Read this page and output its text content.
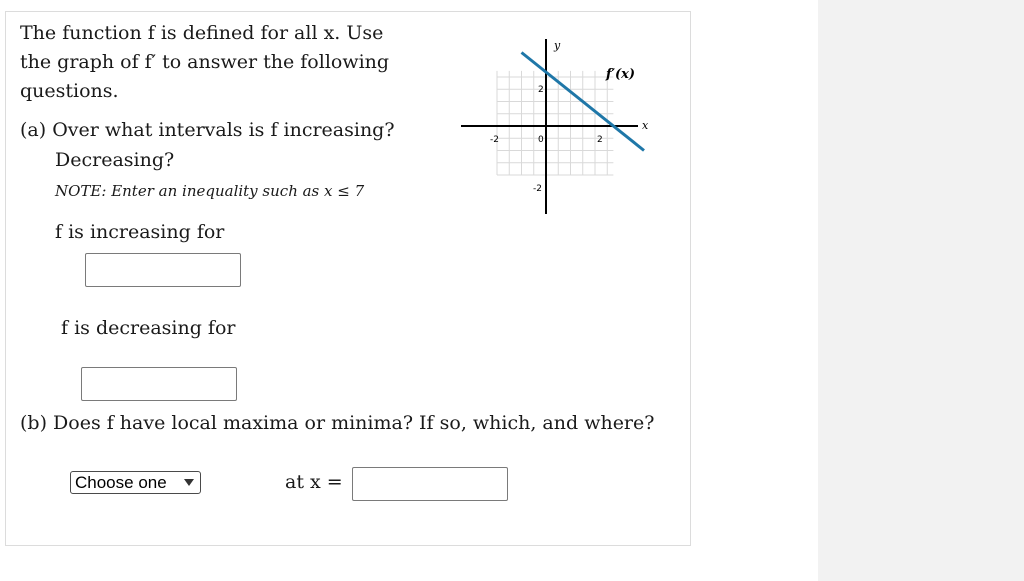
The function f is defined for all x. Use
the graph of f′ to answer the following
questions.
(a) Over what intervals is f increasing?
Decreasing?
NOTE: Enter an inequality such as x ≤ 7
f is increasing for
f is decreasing for
(b) Does f have local maxima or minima? If so, which, and where?
Choose one	at x =
y
x
f′(x)
-2	0	2
2
-2
